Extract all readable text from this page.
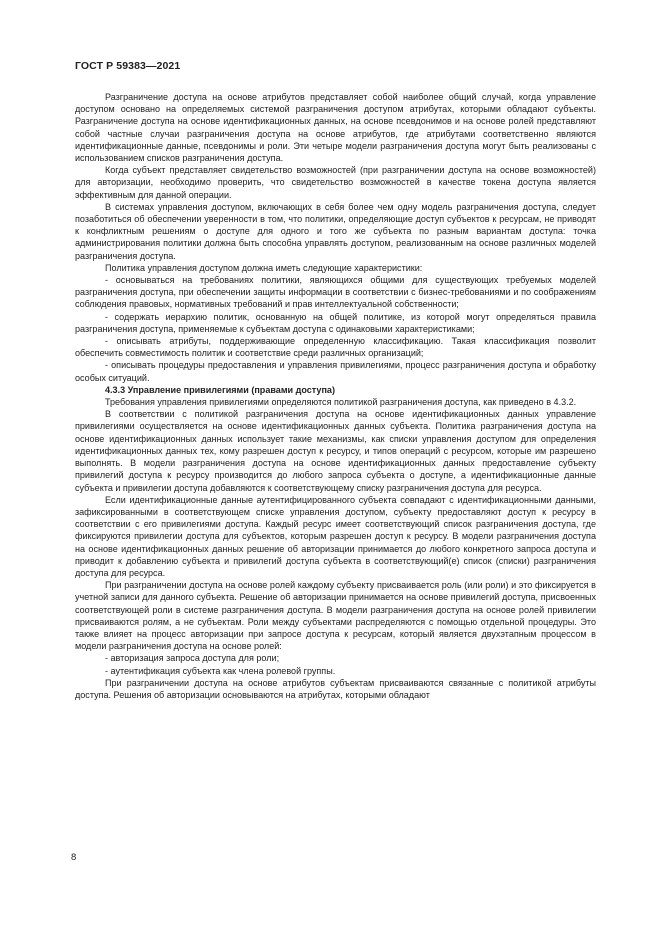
ГОСТ Р 59383—2021

Разграничение доступа на основе атрибутов представляет собой наиболее общий случай, когда управление доступом основано на определяемых системой разграничения доступом атрибутах, которыми обладают субъекты. Разграничение доступа на основе идентификационных данных, на основе псевдонимов и на основе ролей представляют собой частные случаи разграничения доступа на основе атрибутов, где атрибутами соответственно являются идентификационные данные, псевдонимы и роли. Эти четыре модели разграничения доступа могут быть реализованы с использованием списков разграничения доступа.

Когда субъект представляет свидетельство возможностей (при разграничении доступа на основе возможностей) для авторизации, необходимо проверить, что свидетельство возможностей в качестве токена доступа является эффективным для данной операции.

В системах управления доступом, включающих в себя более чем одну модель разграничения доступа, следует позаботиться об обеспечении уверенности в том, что политики, определяющие доступ субъектов к ресурсам, не приводят к конфликтным решениям о доступе для одного и того же субъекта по разным вариантам доступа: точка администрирования политики должна быть способна управлять доступом, реализованным на основе различных моделей разграничения доступа.

Политика управления доступом должна иметь следующие характеристики:

- основываться на требованиях политики, являющихся общими для существующих требуемых моделей разграничения доступа, при обеспечении защиты информации в соответствии с бизнес-требованиями и по соображениям соблюдения правовых, нормативных требований и прав интеллектуальной собственности;

- содержать иерархию политик, основанную на общей политике, из которой могут определяться правила разграничения доступа, применяемые к субъектам доступа с одинаковыми характеристиками;

- описывать атрибуты, поддерживающие определенную классификацию. Такая классификация позволит обеспечить совместимость политик и соответствие среди различных организаций;

- описывать процедуры предоставления и управления привилегиями, процесс разграничения доступа и обработку особых ситуаций.

4.3.3 Управление привилегиями (правами доступа)

Требования управления привилегиями определяются политикой разграничения доступа, как приведено в 4.3.2.

В соответствии с политикой разграничения доступа на основе идентификационных данных управление привилегиями осуществляется на основе идентификационных данных субъекта. Политика разграничения доступа на основе идентификационных данных использует такие механизмы, как списки управления доступом для определения идентификационных данных тех, кому разрешен доступ к ресурсу, и типов операций с ресурсом, которые им разрешено выполнять. В модели разграничения доступа на основе идентификационных данных предоставление субъекту привилегий доступа к ресурсу производится до любого запроса субъекта о доступе, а идентификационные данные субъекта и привилегии доступа добавляются к соответствующему списку разграничения доступа для ресурса.

Если идентификационные данные аутентифицированного субъекта совпадают с идентификационными данными, зафиксированными в соответствующем списке управления доступом, субъекту предоставляют доступ к ресурсу в соответствии с его привилегиями доступа. Каждый ресурс имеет соответствующий список разграничения доступа, где фиксируются привилегии доступа для субъектов, которым разрешен доступ к ресурсу. В модели разграничения доступа на основе идентификационных данных решение об авторизации принимается до любого конкретного запроса доступа и приводит к добавлению субъекта и привилегий доступа субъекта в соответствующий(е) список (списки) разграничения доступа для ресурса.

При разграничении доступа на основе ролей каждому субъекту присваивается роль (или роли) и это фиксируется в учетной записи для данного субъекта. Решение об авторизации принимается на основе привилегий доступа, присвоенных соответствующей роли в системе разграничения доступа. В модели разграничения доступа на основе ролей привилегии присваиваются ролям, а не субъектам. Роли между субъектами распределяются с помощью отдельной процедуры. Это также влияет на процесс авторизации при запросе доступа к ресурсам, который является двухэтапным процессом в модели разграничения доступа на основе ролей:

- авторизация запроса доступа для роли;

- аутентификация субъекта как члена ролевой группы.

При разграничении доступа на основе атрибутов субъектам присваиваются связанные с политикой атрибуты доступа. Решения об авторизации основываются на атрибутах, которыми обладают

8
